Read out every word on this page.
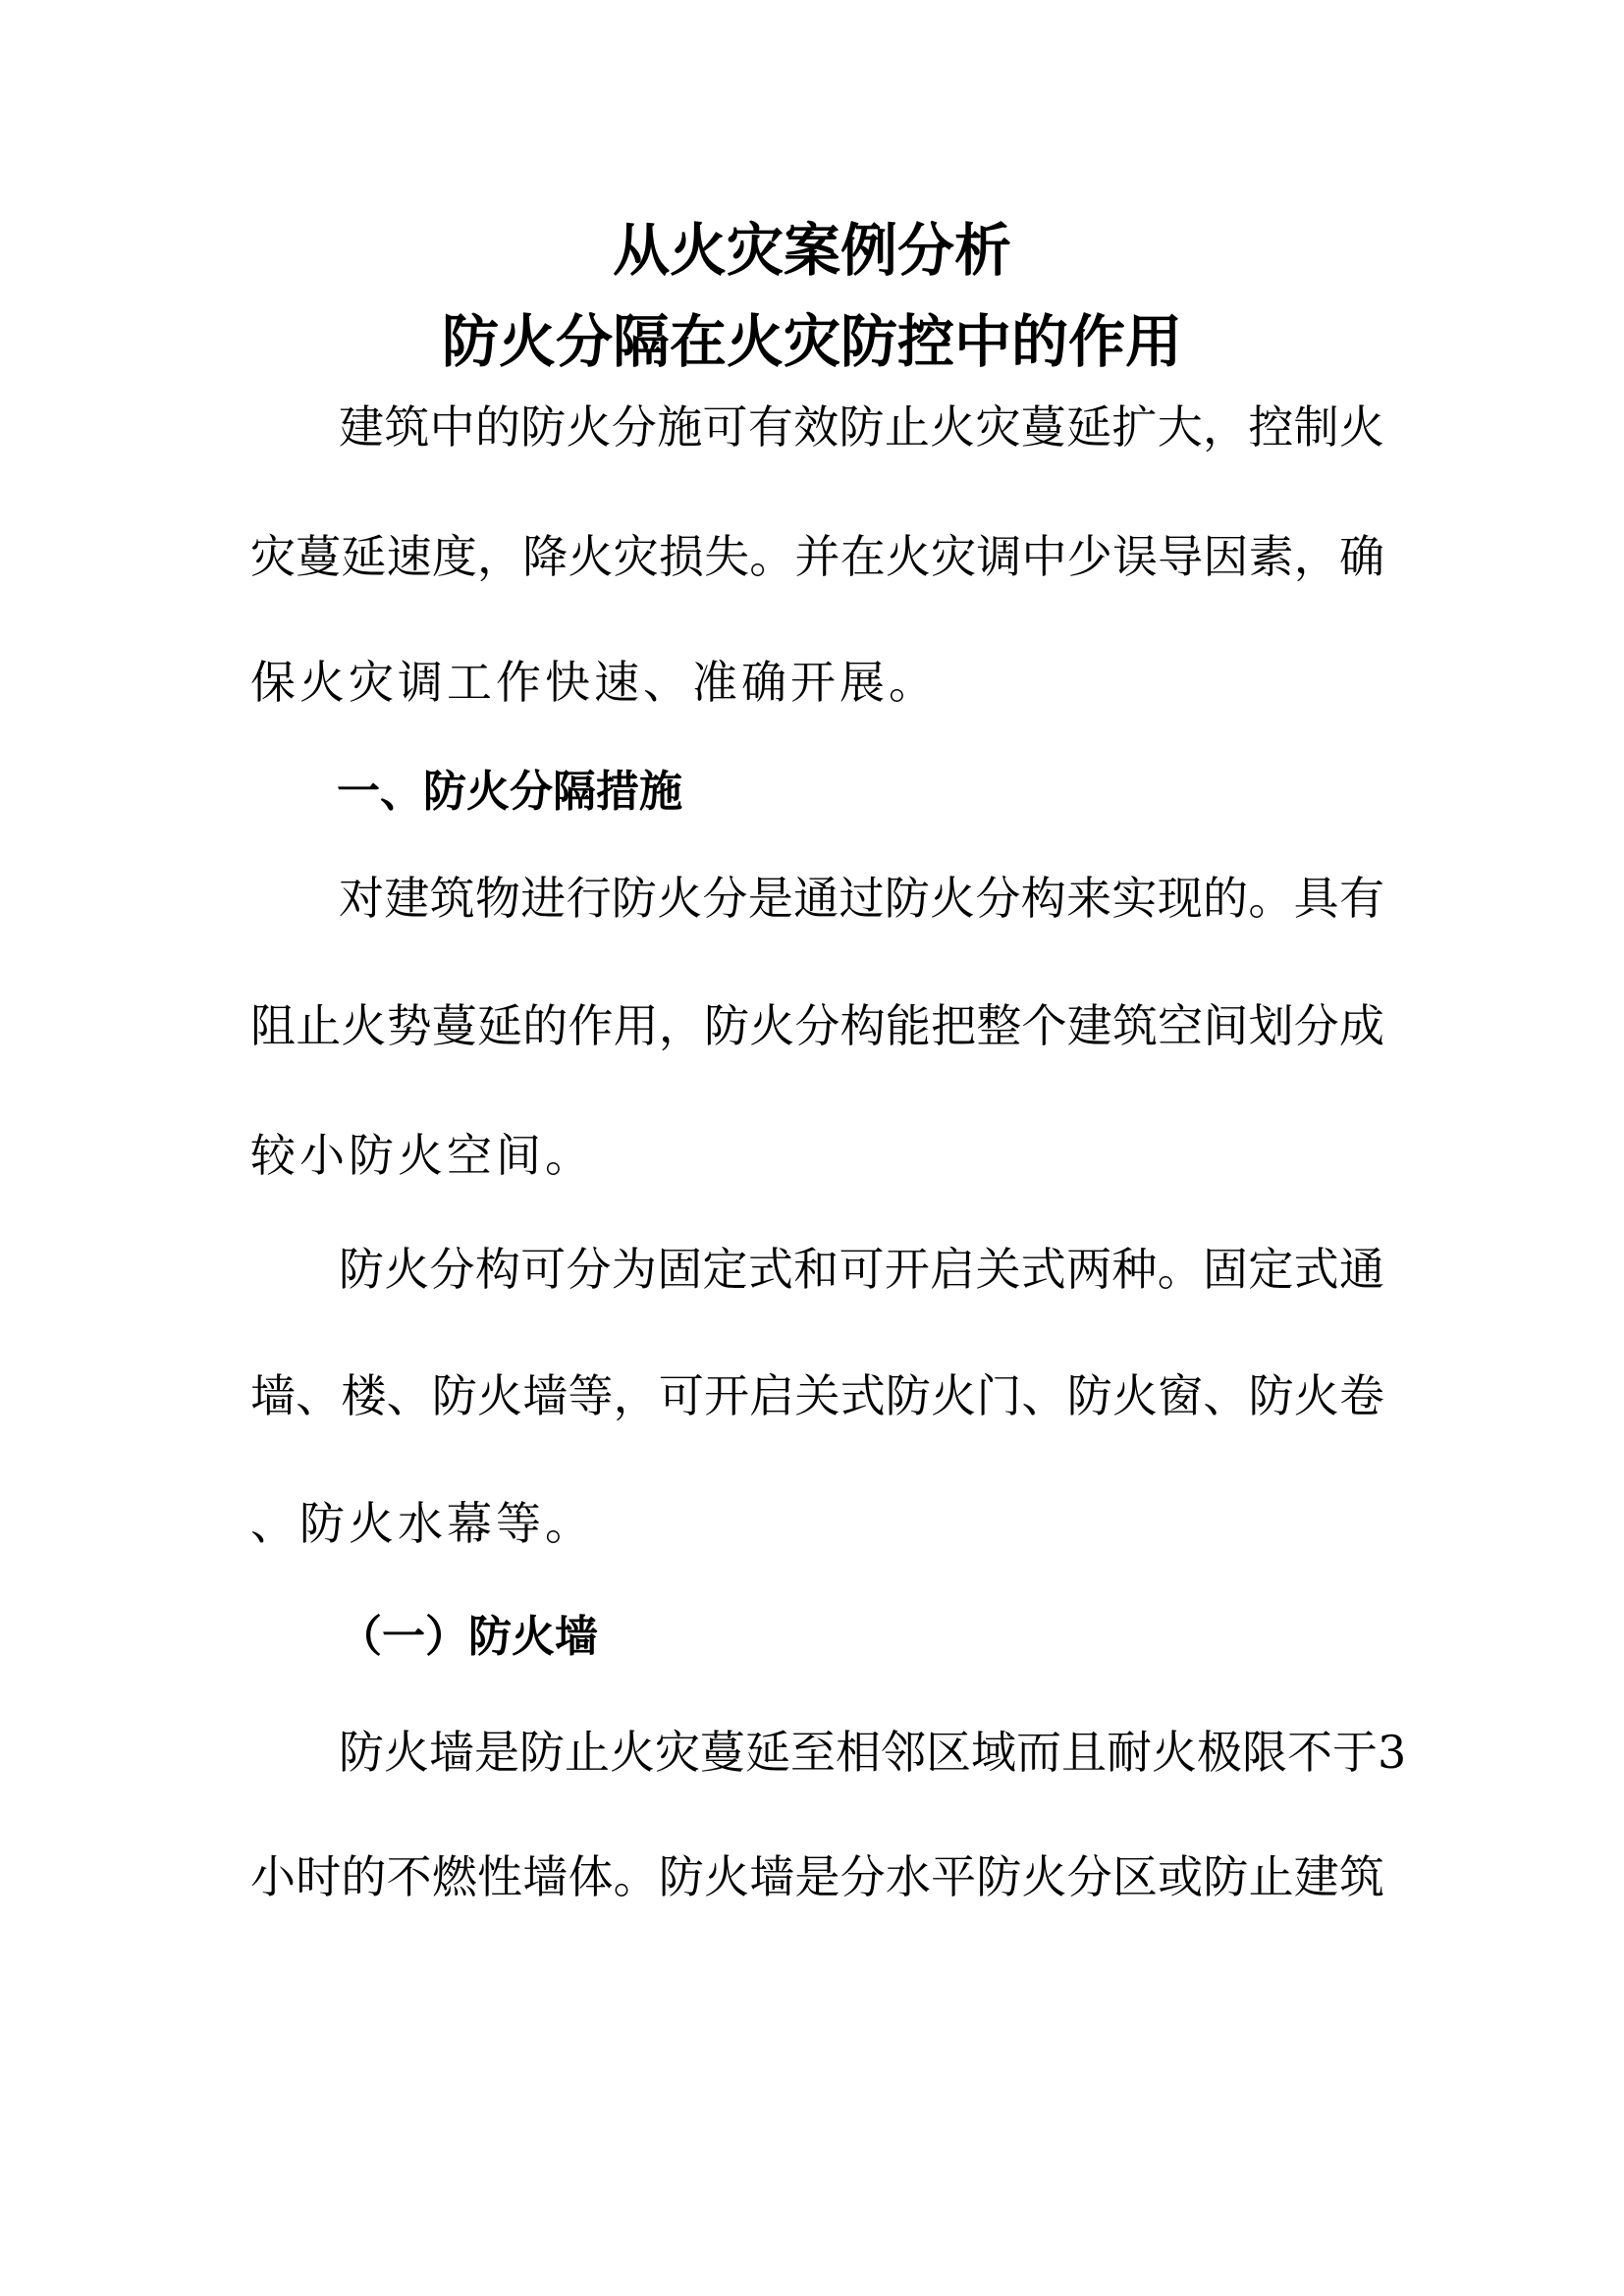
从火灾案例分析
防火分隔在火灾防控中的作用
建筑中的防火分施可有效防止火灾蔓延扩大，控制火
灾蔓延速度，降火灾损失。并在火灾调中少误导因素，确
保火灾调工作快速、准确开展。
一、防火分隔措施
对建筑物进行防火分是通过防火分构来实现的。具有
阻止火势蔓延的作用，防火分构能把整个建筑空间划分成
较小防火空间。
防火分构可分为固定式和可开启关式两种。固定式通
墙、楼、防火墙等，可开启关式防火门、防火窗、防火卷
、防火水幕等。
（一）防火墙
防火墙是防止火灾蔓延至相邻区域而且耐火极限不于3
小时的不燃性墙体。防火墙是分水平防火分区或防止建筑
